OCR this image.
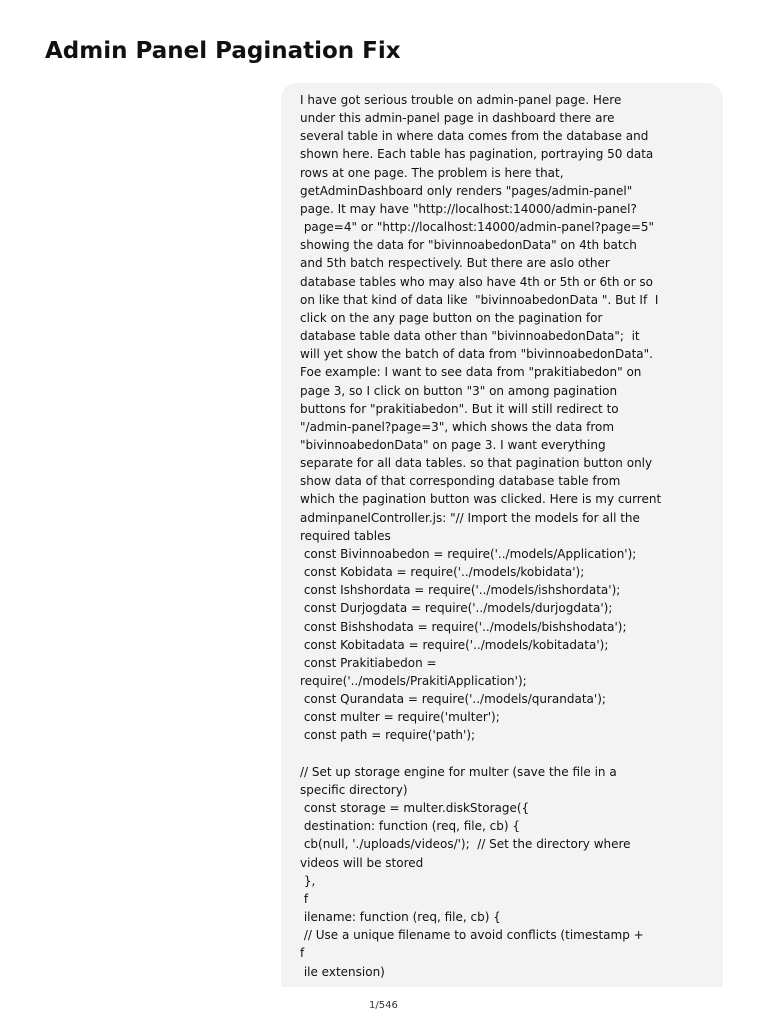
Admin Panel Pagination Fix
I have got serious trouble on admin-panel page. Here
under this admin-panel page in dashboard there are
several table in where data comes from the database and
shown here. Each table has pagination, portraying 50 data
rows at one page. The problem is here that,
getAdminDashboard only renders "pages/admin-panel"
page. It may have "http://localhost:14000/admin-panel?
page=4" or "http://localhost:14000/admin-panel?page=5"
showing the data for "bivinnoabedonData" on 4th batch
and 5th batch respectively. But there are aslo other
database tables who may also have 4th or 5th or 6th or so
on like that kind of data like  "bivinnoabedonData ". But If  I
click on the any page button on the pagination for
database table data other than "bivinnoabedonData";  it
will yet show the batch of data from "bivinnoabedonData".
Foe example: I want to see data from "prakitiabedon" on
page 3, so I click on button "3" on among pagination
buttons for "prakitiabedon". But it will still redirect to
"/admin-panel?page=3", which shows the data from
"bivinnoabedonData" on page 3. I want everything
separate for all data tables. so that pagination button only
show data of that corresponding database table from
which the pagination button was clicked. Here is my current
adminpanelController.js: "// Import the models for all the
required tables
const Bivinnoabedon = require('../models/Application');
const Kobidata = require('../models/kobidata');
const Ishshordata = require('../models/ishshordata');
const Durjogdata = require('../models/durjogdata');
const Bishshodata = require('../models/bishshodata');
const Kobitadata = require('../models/kobitadata');
const Prakitiabedon =
require('../models/PrakitiApplication');
const Qurandata = require('../models/qurandata');
const multer = require('multer');
const path = require('path');

// Set up storage engine for multer (save the file in a
specific directory)
const storage = multer.diskStorage({
destination: function (req, file, cb) {
cb(null, './uploads/videos/');  // Set the directory where
videos will be stored
},
f
ilename: function (req, file, cb) {
// Use a unique filename to avoid conflicts (timestamp +
f
ile extension)
1/546
